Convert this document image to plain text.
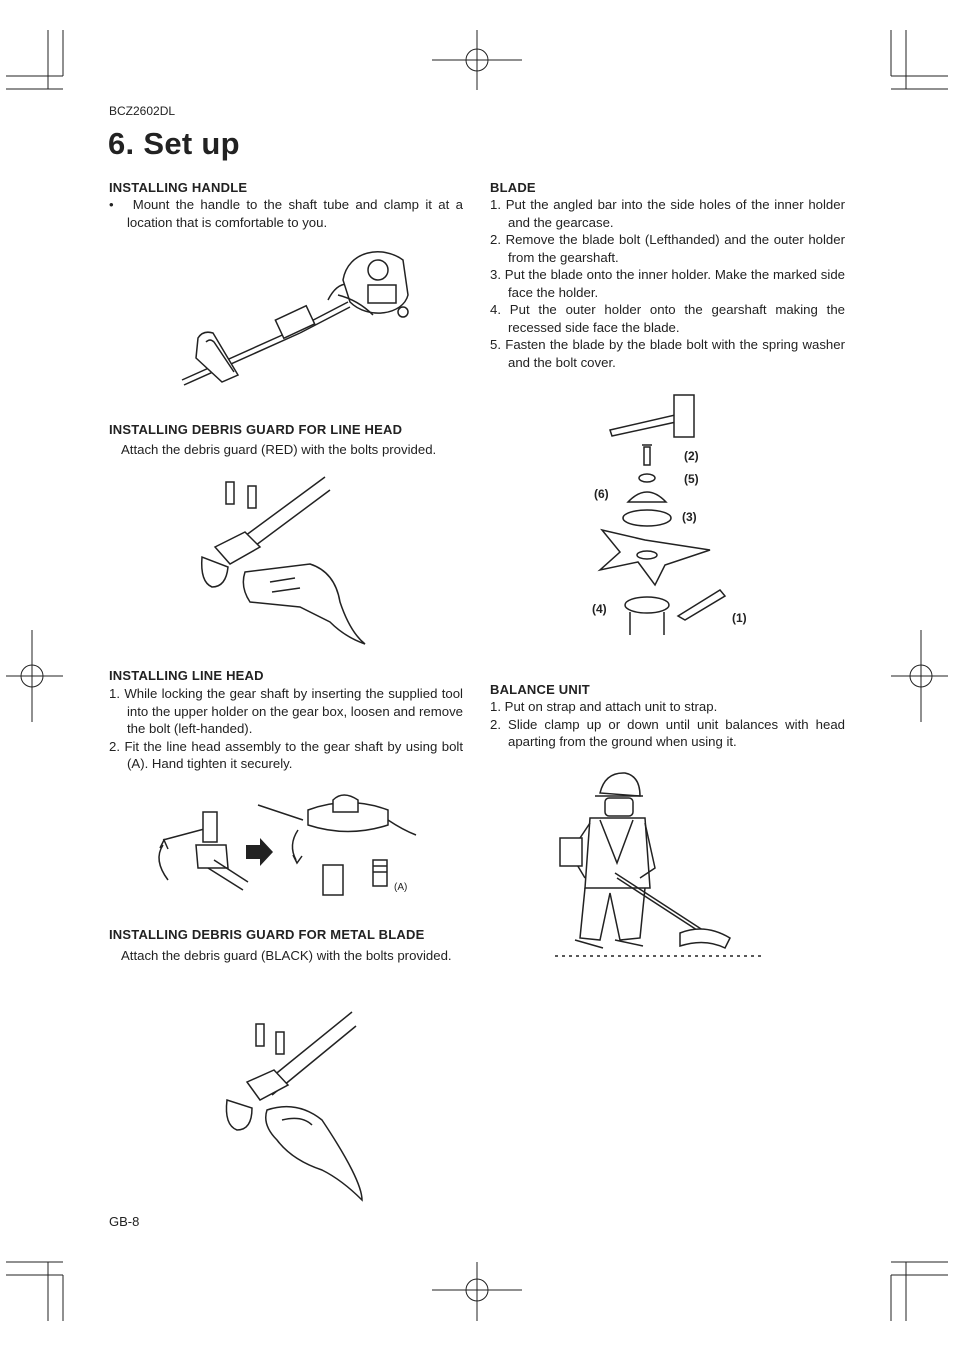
BCZ2602DL
6. Set up
INSTALLING HANDLE

• Mount the handle to the shaft tube and clamp it at a location that is comfortable to you.

INSTALLING DEBRIS GUARD FOR LINE HEAD
Attach the debris guard (RED) with the bolts provided.
INSTALLING LINE HEAD

1. While locking the gear shaft by inserting the supplied tool into the upper holder on the gear box, loosen and remove the bolt (left-handed).

2. Fit the line head assembly to the gear shaft by using bolt (A). Hand tighten it securely.

(A)
INSTALLING DEBRIS GUARD FOR METAL BLADE
Attach the debris guard (BLACK) with the bolts provided.
BLADE

1. Put the angled bar into the side holes of the inner holder and the gearcase.

2. Remove the blade bolt (Lefthanded) and the outer holder from the gearshaft.

3. Put the blade onto the inner holder. Make the marked side face the holder.

4. Put the outer holder onto the gearshaft making the recessed side face the blade.

5. Fasten the blade by the blade bolt with the spring washer and the bolt cover.

(2)
(5)
(6)
(3)
(4)
(1)
BALANCE UNIT

1. Put on strap and attach unit to strap.

2. Slide clamp up or down until unit balances with head aparting from the ground when using it.

GB-8
